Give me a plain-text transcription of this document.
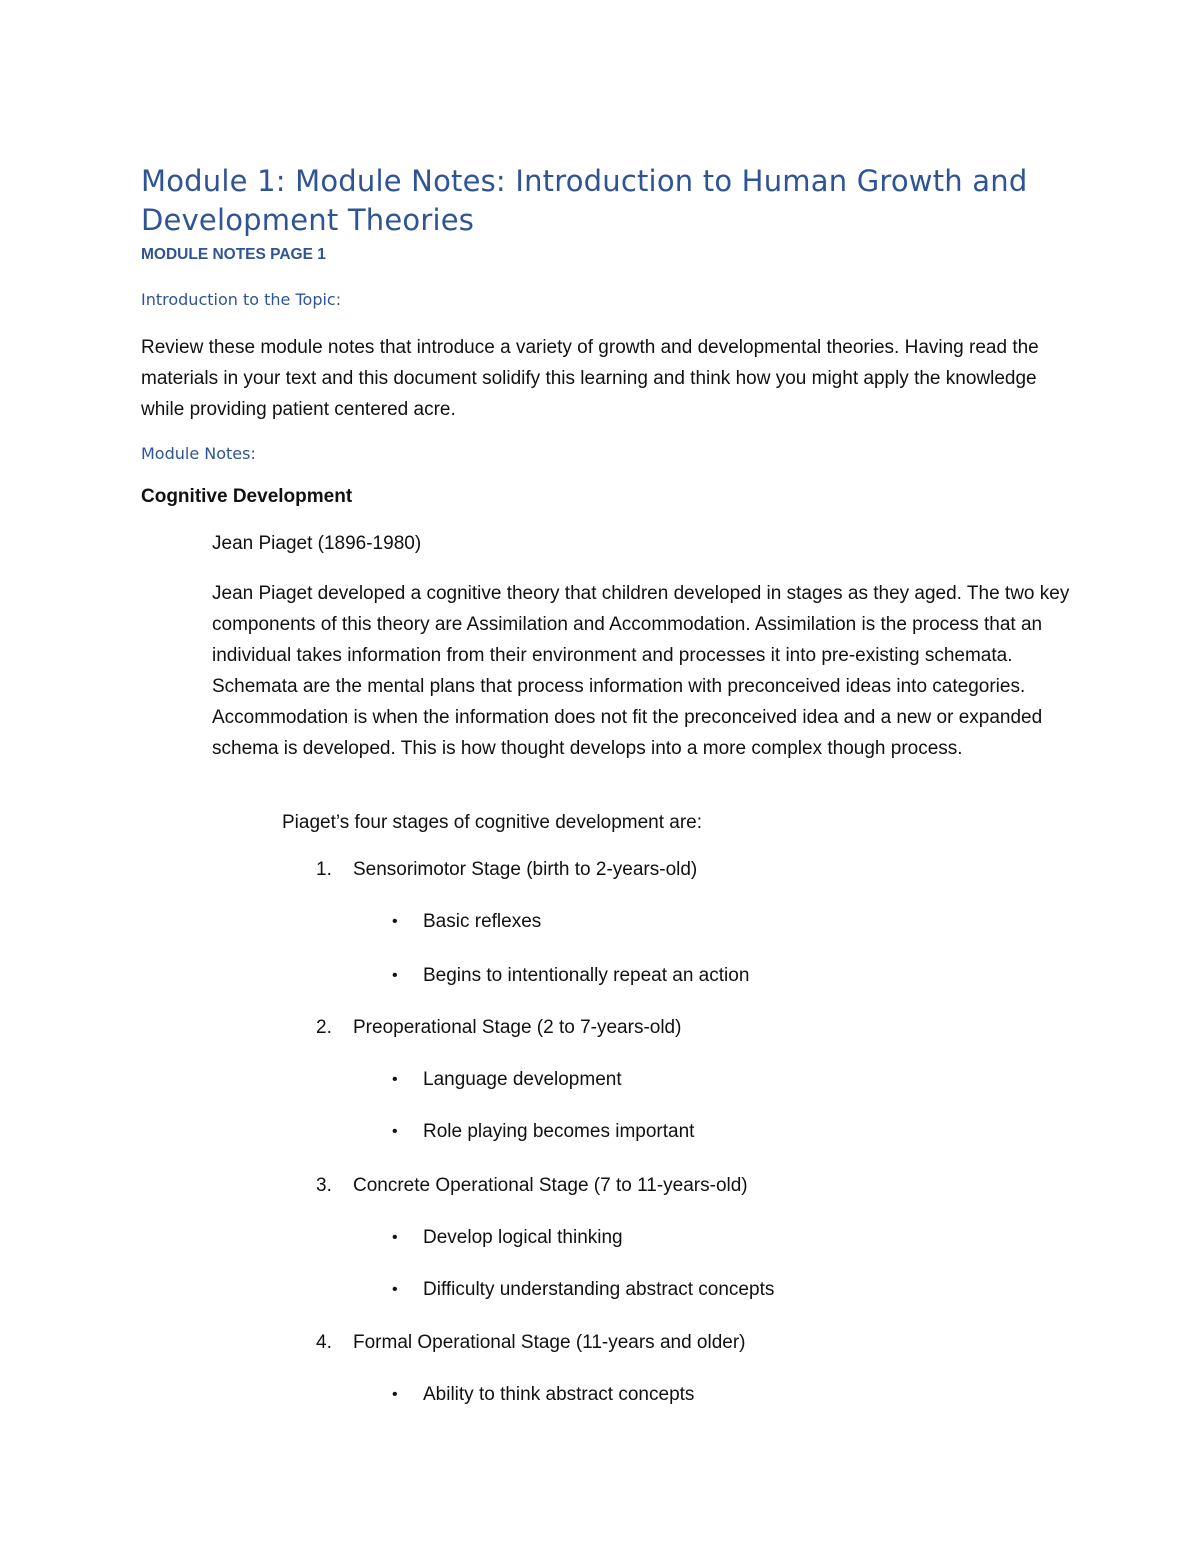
Module 1: Module Notes: Introduction to Human Growth and Development Theories
MODULE NOTES PAGE 1
Introduction to the Topic:
Review these module notes that introduce a variety of growth and developmental theories. Having read the materials in your text and this document solidify this learning and think how you might apply the knowledge while providing patient centered acre.
Module Notes:
Cognitive Development
Jean Piaget (1896-1980)
Jean Piaget developed a cognitive theory that children developed in stages as they aged. The two key components of this theory are Assimilation and Accommodation. Assimilation is the process that an individual takes information from their environment and processes it into pre-existing schemata. Schemata are the mental plans that process information with preconceived ideas into categories. Accommodation is when the information does not fit the preconceived idea and a new or expanded schema is developed. This is how thought develops into a more complex though process.
Piaget’s four stages of cognitive development are:
1. Sensorimotor Stage (birth to 2-years-old)
• Basic reflexes
• Begins to intentionally repeat an action
2. Preoperational Stage (2 to 7-years-old)
• Language development
• Role playing becomes important
3. Concrete Operational Stage (7 to 11-years-old)
• Develop logical thinking
• Difficulty understanding abstract concepts
4. Formal Operational Stage (11-years and older)
• Ability to think abstract concepts
